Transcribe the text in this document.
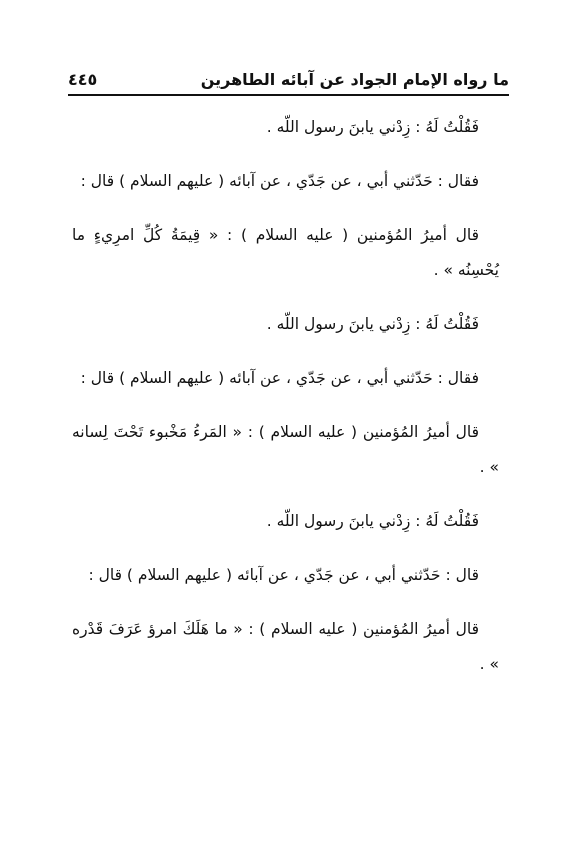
ما رواه الإمام الجواد عن آبائه الطاهرين
٤٤٥

فَقُلْتُ لَهُ : زِدْني يابنَ رسول اللّه .

فقال : حَدّثني أبي ، عن جَدّي ، عن آبائه ( عليهم السلام ) قال :

قال أميرُ المُؤمنين ( عليه السلام ) : « قِيمَةُ كُلِّ امرِيءٍ ما يُحْسِنُه » .

فَقُلْتُ لَهُ : زِدْني يابنَ رسول اللّه .

فقال : حَدّثني أبي ، عن جَدّي ، عن آبائه ( عليهم السلام ) قال :

قال أميرُ المُؤمنين ( عليه السلام ) : « المَرءُ مَخْبوء تَحْتَ لِسانه » .

فَقُلْتُ لَهُ : زِدْني يابنَ رسول اللّه .

قال : حَدّثني أبي ، عن جَدّي ، عن آبائه ( عليهم السلام ) قال :

قال أميرُ المُؤمنين ( عليه السلام ) : « ما هَلَكَ امرؤ عَرَفَ قَدْره » .
